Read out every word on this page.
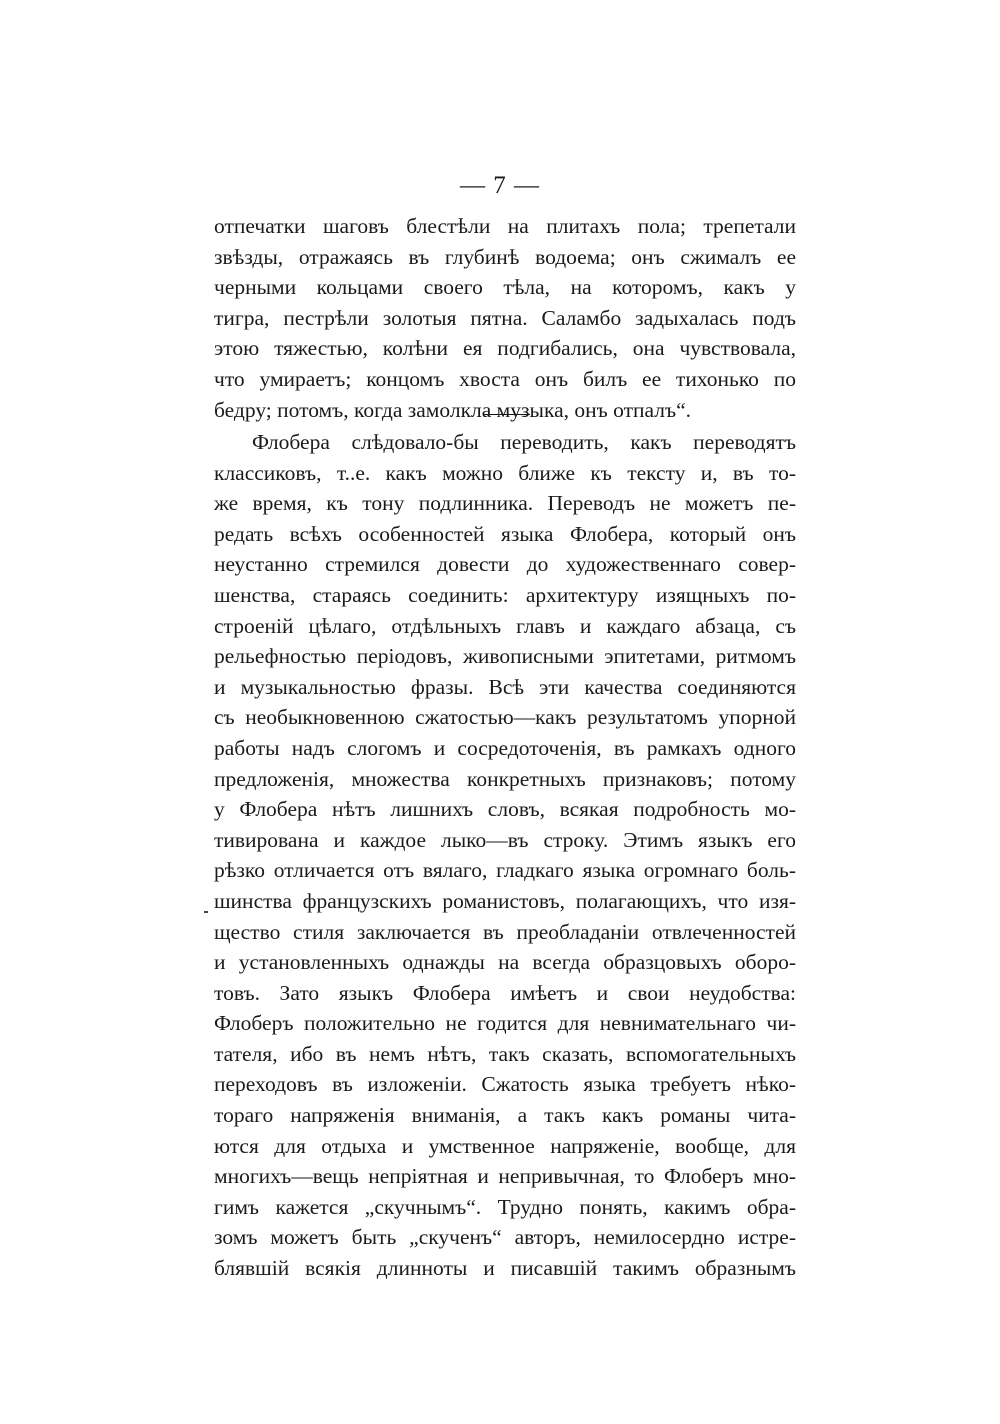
— 7 —
отпечатки шаговъ блестѣли на плитахъ пола; трепетали
звѣзды, отражаясь въ глубинѣ водоема; онъ сжималъ ее
черными кольцами своего тѣла, на которомъ, какъ у
тигра, пестрѣли золотыя пятна. Саламбо задыхалась подъ
этою тяжестью, колѣни ея подгибались, она чувствовала,
что умираетъ; концомъ хвоста онъ билъ ее тихонько по
бедру; потомъ, когда замолкла музыка, онъ отпалъ“.
Флобера слѣдовало-бы переводить, какъ переводятъ
классиковъ, т..е. какъ можно ближе къ тексту и, въ то-
же время, къ тону подлинника. Переводъ не можетъ пе-
редать всѣхъ особенностей языка Флобера, который онъ
неустанно стремился довести до художественнаго совер-
шенства, стараясь соединить: архитектуру изящныхъ по-
строеній цѣлаго, отдѣльныхъ главъ и каждаго абзаца, съ
рельефностью періодовъ, живописными эпитетами, ритмомъ
и музыкальностью фразы. Всѣ эти качества соединяются
съ необыкновенною сжатостью—какъ результатомъ упорной
работы надъ слогомъ и сосредоточенія, въ рамкахъ одного
предложенія, множества конкретныхъ признаковъ; потому
у Флобера нѣтъ лишнихъ словъ, всякая подробность мо-
тивирована и каждое лыко—въ строку. Этимъ языкъ его
рѣзко отличается отъ вялаго, гладкаго языка огромнаго боль-
шинства французскихъ романистовъ, полагающихъ, что изя-
щество стиля заключается въ преобладаніи отвлеченностей
и установленныхъ однажды на всегда образцовыхъ оборо-
товъ. Зато языкъ Флобера имѣетъ и свои неудобства:
Флоберъ положительно не годится для невнимательнаго чи-
тателя, ибо въ немъ нѣтъ, такъ сказать, вспомогательныхъ
переходовъ въ изложеніи. Сжатость языка требуетъ нѣко-
тораго напряженія вниманія, а такъ какъ романы чита-
ются для отдыха и умственное напряженіе, вообще, для
многихъ—вещь непріятная и непривычная, то Флоберъ мно-
гимъ кажется „скучнымъ“. Трудно понять, какимъ обра-
зомъ можетъ быть „скученъ“ авторъ, немилосердно истре-
блявшій всякія длинноты и писавшій такимъ образнымъ
